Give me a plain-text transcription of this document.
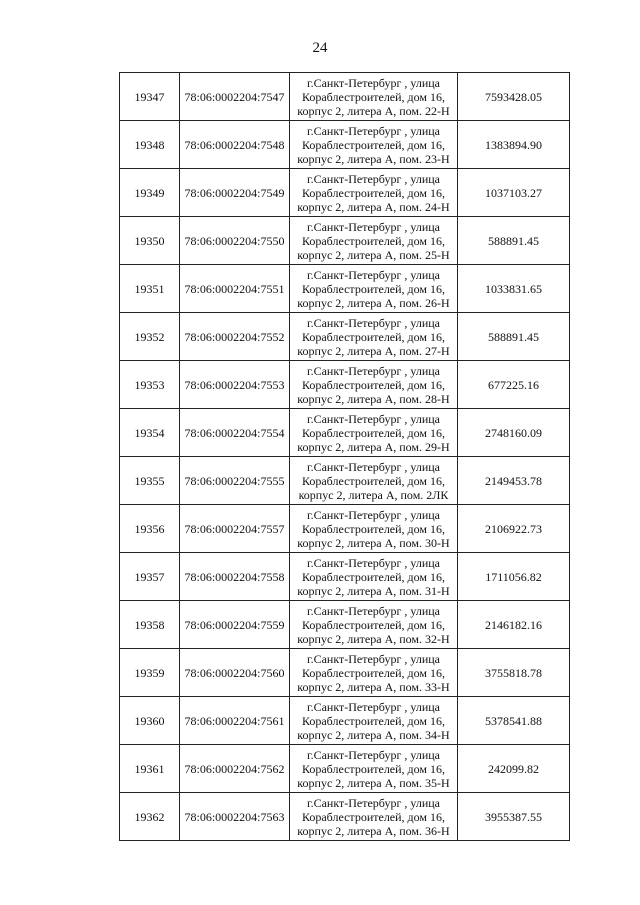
24
19347	78:06:0002204:7547	г.Санкт-Петербург , улица
Кораблестроителей, дом 16,
корпус 2, литера А, пом. 22-Н	7593428.05
19348	78:06:0002204:7548	г.Санкт-Петербург , улица
Кораблестроителей, дом 16,
корпус 2, литера А, пом. 23-Н	1383894.90
19349	78:06:0002204:7549	г.Санкт-Петербург , улица
Кораблестроителей, дом 16,
корпус 2, литера А, пом. 24-Н	1037103.27
19350	78:06:0002204:7550	г.Санкт-Петербург , улица
Кораблестроителей, дом 16,
корпус 2, литера А, пом. 25-Н	588891.45
19351	78:06:0002204:7551	г.Санкт-Петербург , улица
Кораблестроителей, дом 16,
корпус 2, литера А, пом. 26-Н	1033831.65
19352	78:06:0002204:7552	г.Санкт-Петербург , улица
Кораблестроителей, дом 16,
корпус 2, литера А, пом. 27-Н	588891.45
19353	78:06:0002204:7553	г.Санкт-Петербург , улица
Кораблестроителей, дом 16,
корпус 2, литера А, пом. 28-Н	677225.16
19354	78:06:0002204:7554	г.Санкт-Петербург , улица
Кораблестроителей, дом 16,
корпус 2, литера А, пом. 29-Н	2748160.09
19355	78:06:0002204:7555	г.Санкт-Петербург , улица
Кораблестроителей, дом 16,
корпус 2, литера А, пом. 2ЛК	2149453.78
19356	78:06:0002204:7557	г.Санкт-Петербург , улица
Кораблестроителей, дом 16,
корпус 2, литера А, пом. 30-Н	2106922.73
19357	78:06:0002204:7558	г.Санкт-Петербург , улица
Кораблестроителей, дом 16,
корпус 2, литера А, пом. 31-Н	1711056.82
19358	78:06:0002204:7559	г.Санкт-Петербург , улица
Кораблестроителей, дом 16,
корпус 2, литера А, пом. 32-Н	2146182.16
19359	78:06:0002204:7560	г.Санкт-Петербург , улица
Кораблестроителей, дом 16,
корпус 2, литера А, пом. 33-Н	3755818.78
19360	78:06:0002204:7561	г.Санкт-Петербург , улица
Кораблестроителей, дом 16,
корпус 2, литера А, пом. 34-Н	5378541.88
19361	78:06:0002204:7562	г.Санкт-Петербург , улица
Кораблестроителей, дом 16,
корпус 2, литера А, пом. 35-Н	242099.82
19362	78:06:0002204:7563	г.Санкт-Петербург , улица
Кораблестроителей, дом 16,
корпус 2, литера А, пом. 36-Н	3955387.55
